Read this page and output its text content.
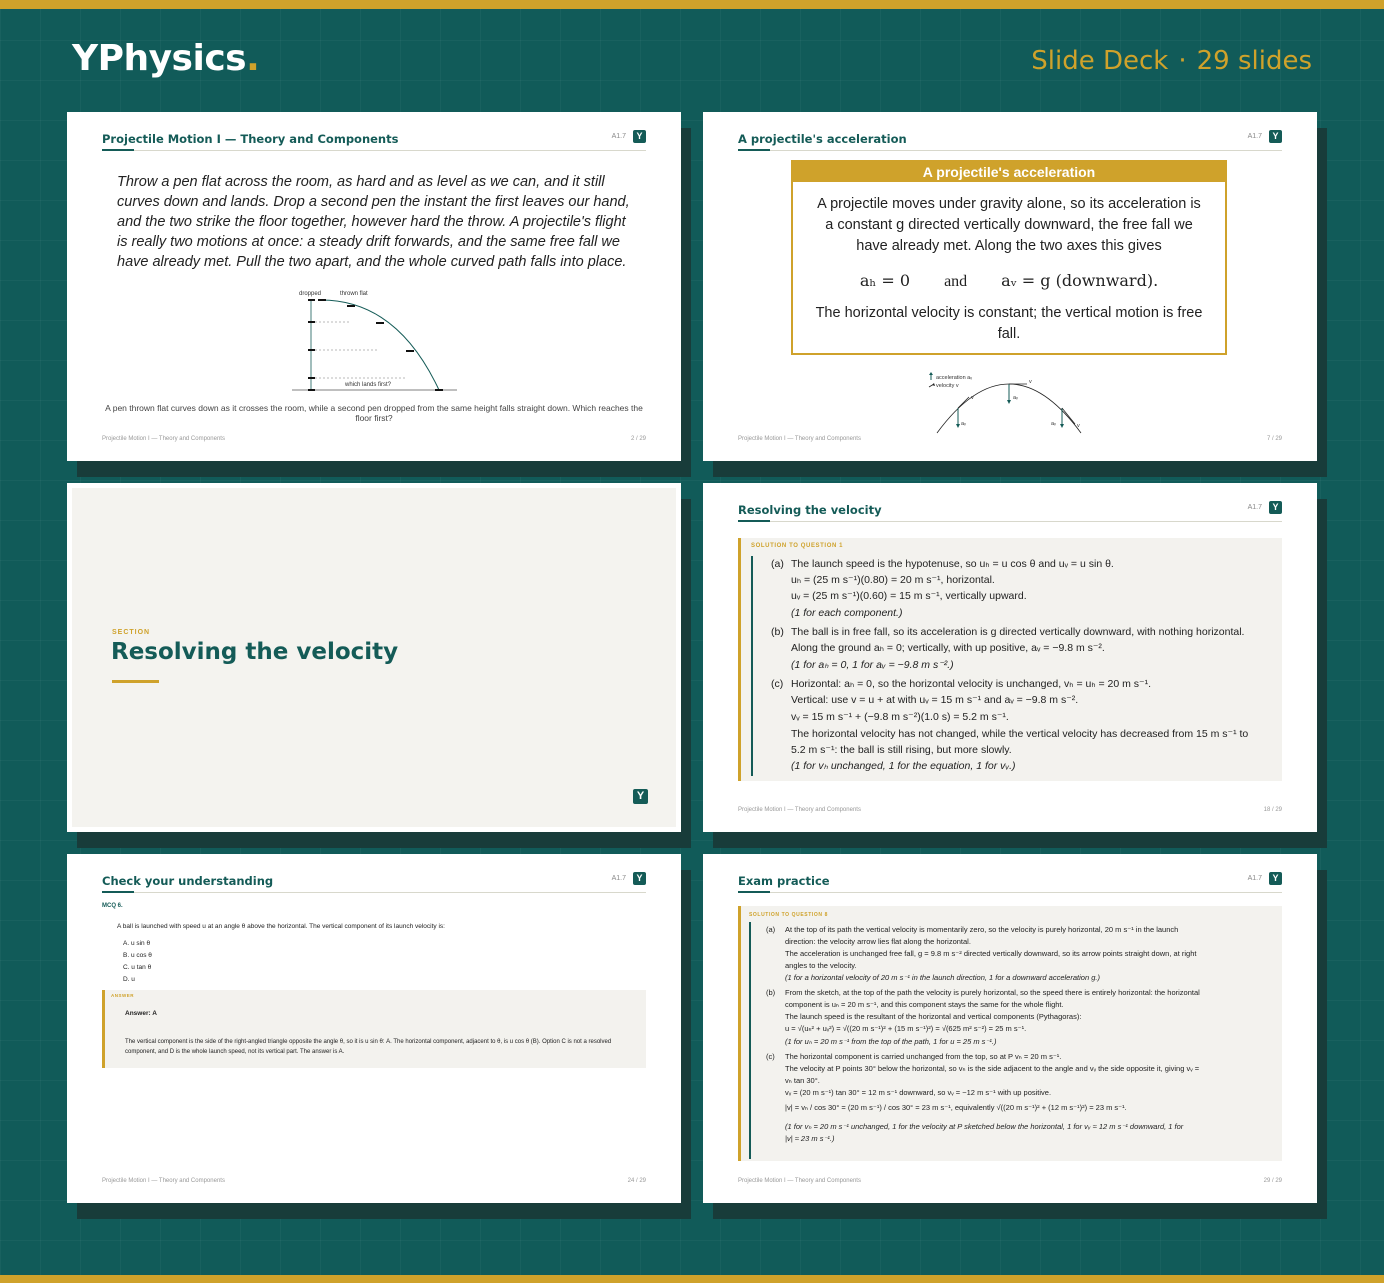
YPhysics.	Slide Deck · 29 slides
Projectile Motion I — Theory and Components	A1.7	Y
Throw a pen flat across the room, as hard and as level as we can, and it still curves down and lands. Drop a second pen the instant the first leaves our hand, and the two strike the floor together, however hard the throw. A projectile's flight is really two motions at once: a steady drift forwards, and the same free fall we have already met. Pull the two apart, and the whole curved path falls into place.
dropped	thrown flat
which lands first?
A pen thrown flat curves down as it crosses the room, while a second pen dropped from the same height falls straight down. Which reaches the floor first?
Projectile Motion I — Theory and Components	2 / 29
A projectile's acceleration	A1.7	Y
A projectile's acceleration
A projectile moves under gravity alone, so its acceleration is a constant g directed vertically downward, the free fall we have already met. Along the two axes this gives
aₕ = 0 and aᵥ = g (downward).
The horizontal velocity is constant; the vertical motion is free fall.
acceleration aᵥ
velocity v
aᵥ
v	aᵥ
v
aᵥ	v
Projectile Motion I — Theory and Components	7 / 29
SECTION
Resolving the velocity
Y
Resolving the velocity	A1.7	Y
SOLUTION TO QUESTION 1
(a) The launch speed is the hypotenuse, so uₕ = u cos θ and uᵥ = u sin θ.
uₕ = (25 m s⁻¹)(0.80) = 20 m s⁻¹, horizontal.
uᵥ = (25 m s⁻¹)(0.60) = 15 m s⁻¹, vertically upward.
(1 for each component.)
(b) The ball is in free fall, so its acceleration is g directed vertically downward, with nothing horizontal.
Along the ground aₕ = 0; vertically, with up positive, aᵥ = −9.8 m s⁻².
(1 for aₕ = 0, 1 for aᵥ = −9.8 m s⁻².)
(c) Horizontal: aₕ = 0, so the horizontal velocity is unchanged, vₕ = uₕ = 20 m s⁻¹.
Vertical: use v = u + at with uᵥ = 15 m s⁻¹ and aᵥ = −9.8 m s⁻².
vᵥ = 15 m s⁻¹ + (−9.8 m s⁻²)(1.0 s) = 5.2 m s⁻¹.
The horizontal velocity has not changed, while the vertical velocity has decreased from 15 m s⁻¹ to
5.2 m s⁻¹: the ball is still rising, but more slowly.
(1 for vₕ unchanged, 1 for the equation, 1 for vᵥ.)
Projectile Motion I — Theory and Components	18 / 29
Check your understanding	A1.7	Y
MCQ 6.
A ball is launched with speed u at an angle θ above the horizontal. The vertical component of its launch velocity is:
A. u sin θ
B. u cos θ
C. u tan θ
D. u
ANSWER
Answer: A
The vertical component is the side of the right-angled triangle opposite the angle θ, so it is u sin θ: A. The horizontal component, adjacent to θ, is u cos θ (B). Option C is not a resolved component, and D is the whole launch speed, not its vertical part. The answer is A.
Projectile Motion I — Theory and Components	24 / 29
Exam practice	A1.7	Y
SOLUTION TO QUESTION 8
(a) At the top of its path the vertical velocity is momentarily zero, so the velocity is purely horizontal, 20 m s⁻¹ in the launch
direction: the velocity arrow lies flat along the horizontal.
The acceleration is unchanged free fall, g = 9.8 m s⁻² directed vertically downward, so its arrow points straight down, at right
angles to the velocity.
(1 for a horizontal velocity of 20 m s⁻¹ in the launch direction, 1 for a downward acceleration g.)
(b) From the sketch, at the top of the path the velocity is purely horizontal, so the speed there is entirely horizontal: the horizontal
component is uₕ = 20 m s⁻¹, and this component stays the same for the whole flight.
The launch speed is the resultant of the horizontal and vertical components (Pythagoras):
u = √(uₕ² + uᵥ²) = √((20 m s⁻¹)² + (15 m s⁻¹)²) = √(625 m² s⁻²) = 25 m s⁻¹.
(1 for uₕ = 20 m s⁻¹ from the top of the path, 1 for u = 25 m s⁻¹.)
(c) The horizontal component is carried unchanged from the top, so at P vₕ = 20 m s⁻¹.
The velocity at P points 30° below the horizontal, so vₕ is the side adjacent to the angle and vᵥ the side opposite it, giving vᵥ =
vₕ tan 30°.
vᵥ = (20 m s⁻¹) tan 30° = 12 m s⁻¹ downward, so vᵥ = −12 m s⁻¹ with up positive.
|v| = vₕ / cos 30° = (20 m s⁻¹) / cos 30° = 23 m s⁻¹, equivalently √((20 m s⁻¹)² + (12 m s⁻¹)²) = 23 m s⁻¹.
(1 for vₕ = 20 m s⁻¹ unchanged, 1 for the velocity at P sketched below the horizontal, 1 for vᵥ ≈ 12 m s⁻¹ downward, 1 for
|v| ≈ 23 m s⁻¹.)
Projectile Motion I — Theory and Components	29 / 29
